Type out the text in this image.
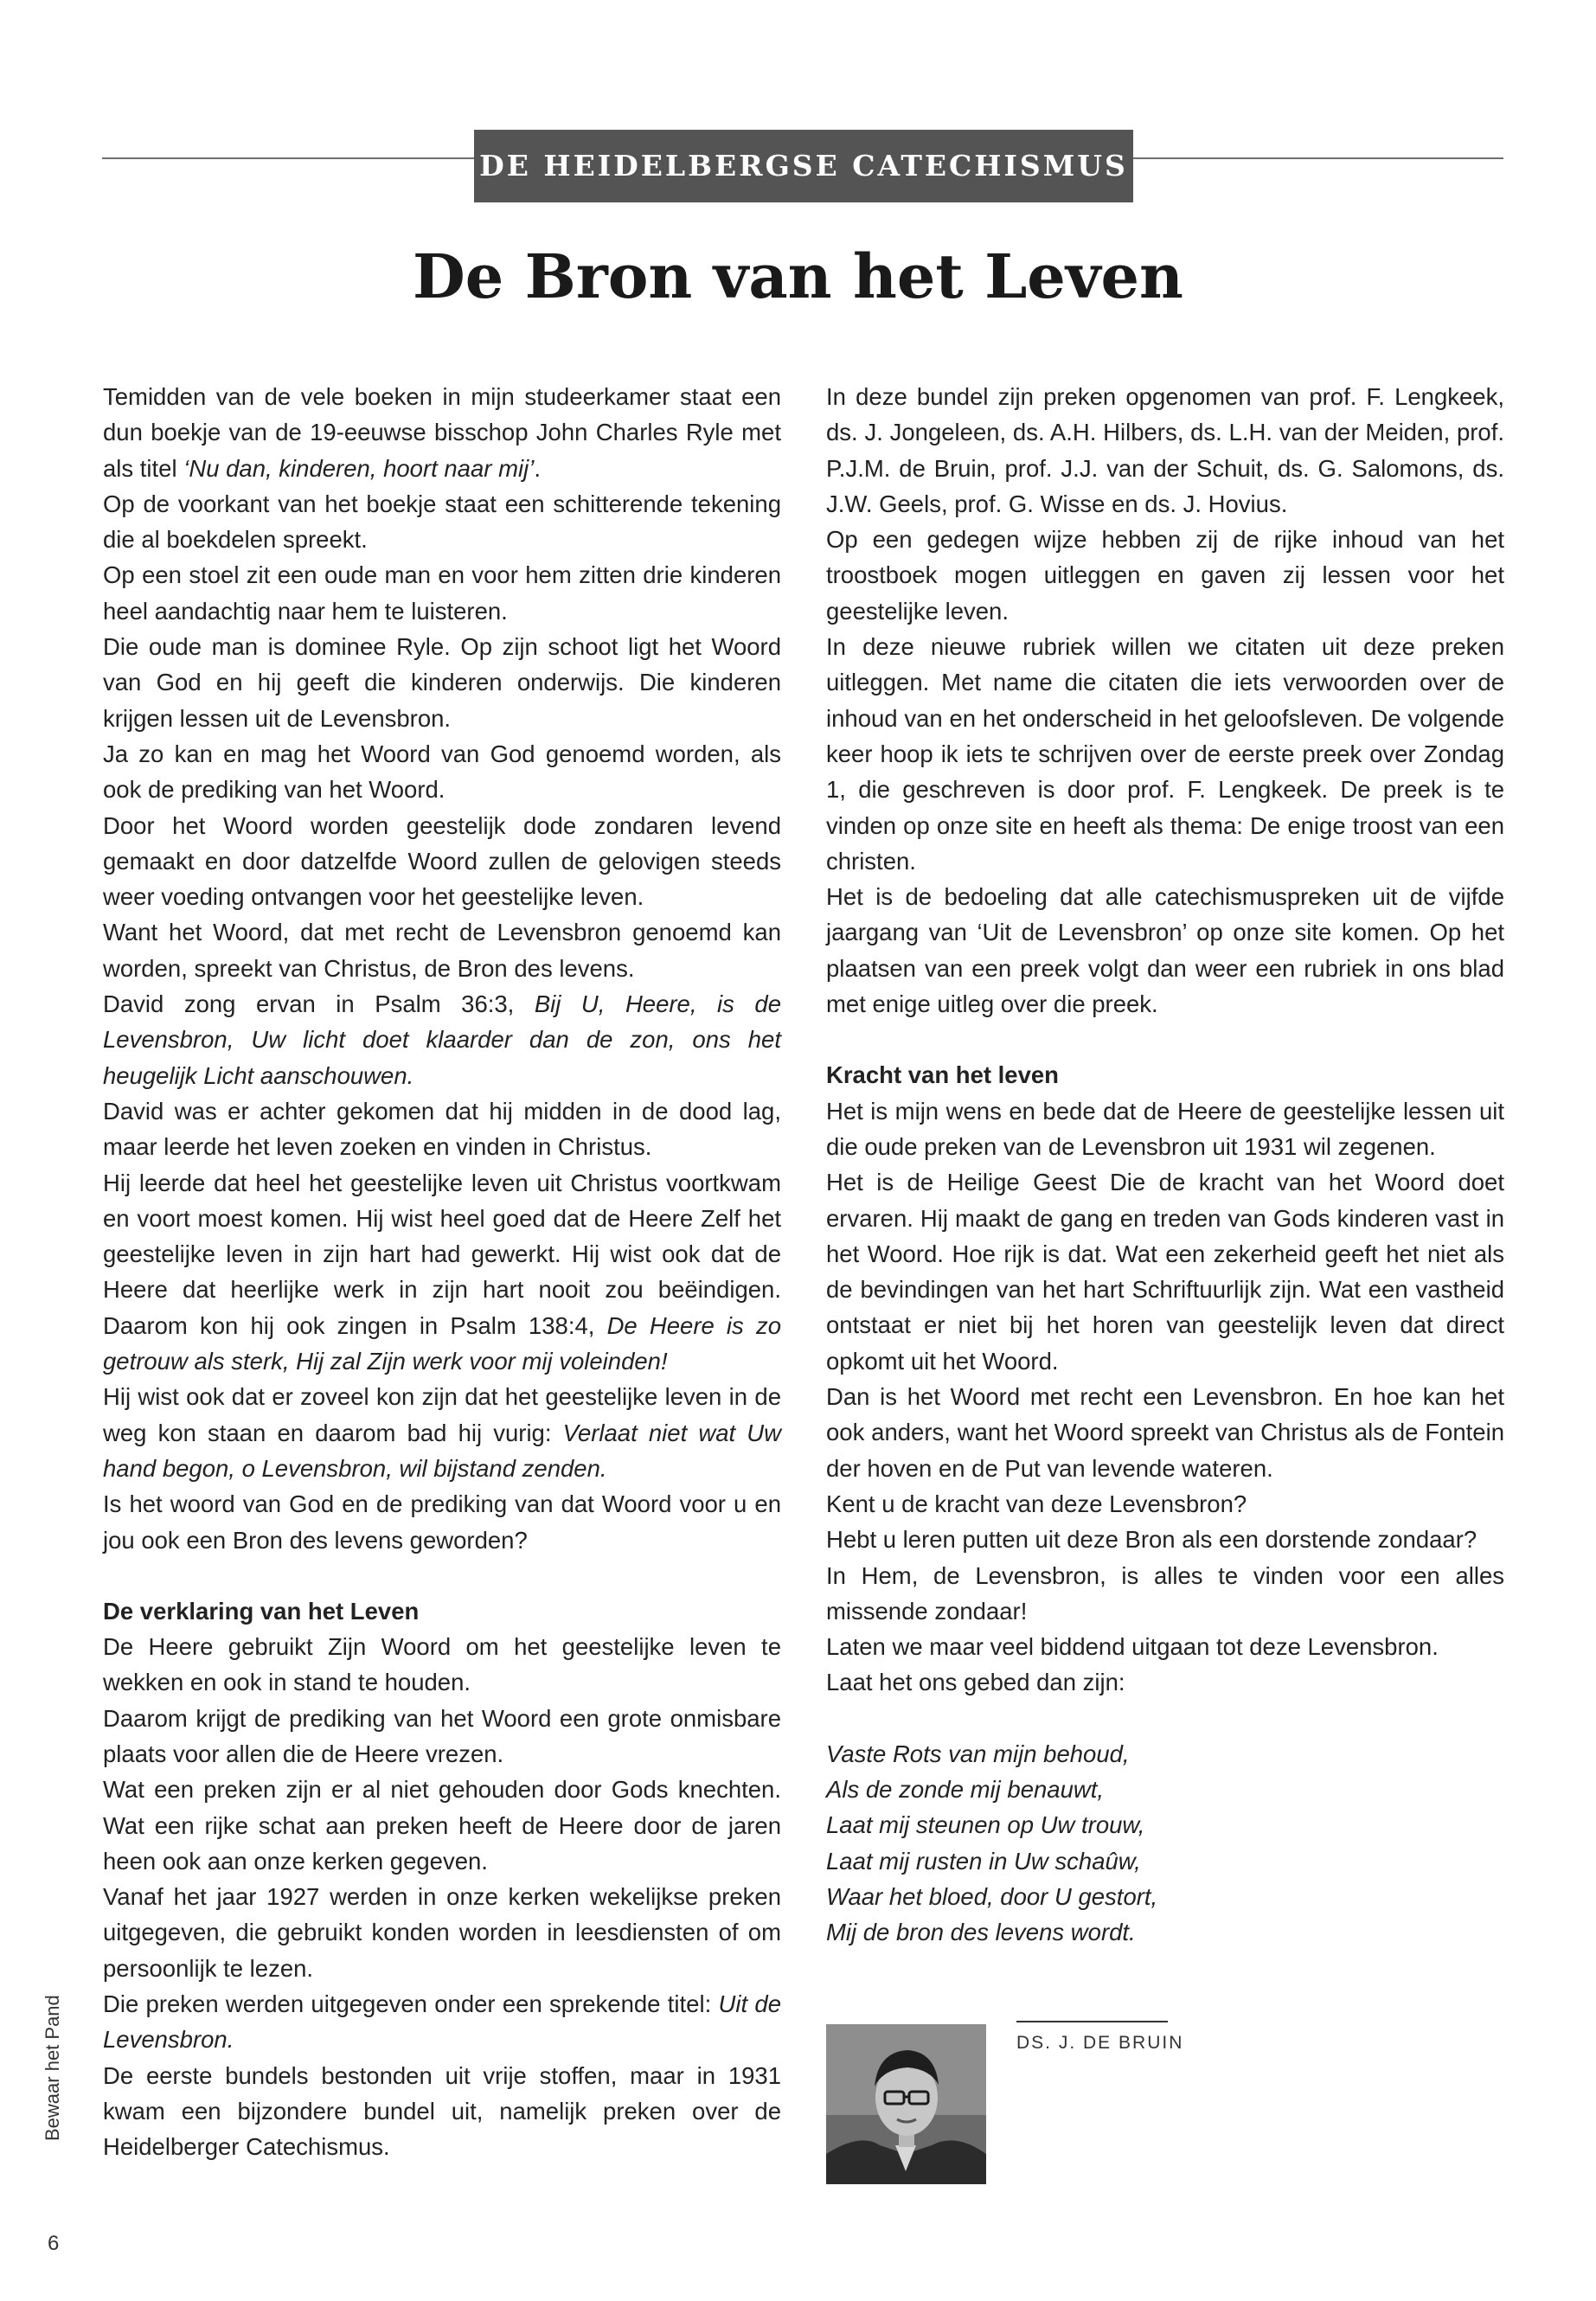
DE HEIDELBERGSE CATECHISMUS
De Bron van het Leven

Temidden van de vele boeken in mijn studeerkamer staat een dun boekje van de 19-eeuwse bisschop John Charles Ryle met als titel ‘Nu dan, kinderen, hoort naar mij’.

Op de voorkant van het boekje staat een schitterende tekening die al boekdelen spreekt.

Op een stoel zit een oude man en voor hem zitten drie kinderen heel aandachtig naar hem te luisteren.

Die oude man is dominee Ryle. Op zijn schoot ligt het Woord van God en hij geeft die kinderen onderwijs. Die kinderen krijgen lessen uit de Levensbron.

Ja zo kan en mag het Woord van God genoemd worden, als ook de prediking van het Woord.

Door het Woord worden geestelijk dode zondaren levend gemaakt en door datzelfde Woord zullen de gelovigen steeds weer voeding ontvangen voor het geestelijke leven.

Want het Woord, dat met recht de Levensbron genoemd kan worden, spreekt van Christus, de Bron des levens.

David zong ervan in Psalm 36:3, Bij U, Heere, is de Levensbron, Uw licht doet klaarder dan de zon, ons het heugelijk Licht aanschouwen.

David was er achter gekomen dat hij midden in de dood lag, maar leerde het leven zoeken en vinden in Christus.

Hij leerde dat heel het geestelijke leven uit Christus voortkwam en voort moest komen. Hij wist heel goed dat de Heere Zelf het geestelijke leven in zijn hart had gewerkt. Hij wist ook dat de Heere dat heerlijke werk in zijn hart nooit zou beëindigen. Daarom kon hij ook zingen in Psalm 138:4, De Heere is zo getrouw als sterk, Hij zal Zijn werk voor mij voleinden!

Hij wist ook dat er zoveel kon zijn dat het geestelijke leven in de weg kon staan en daarom bad hij vurig: Verlaat niet wat Uw hand begon, o Levensbron, wil bijstand zenden.

Is het woord van God en de prediking van dat Woord voor u en jou ook een Bron des levens geworden?

De verklaring van het Leven

De Heere gebruikt Zijn Woord om het geestelijke leven te wekken en ook in stand te houden.

Daarom krijgt de prediking van het Woord een grote onmisbare plaats voor allen die de Heere vrezen.

Wat een preken zijn er al niet gehouden door Gods knechten. Wat een rijke schat aan preken heeft de Heere door de jaren heen ook aan onze kerken gegeven.

Vanaf het jaar 1927 werden in onze kerken wekelijkse preken uitgegeven, die gebruikt konden worden in leesdiensten of om persoonlijk te lezen.

Die preken werden uitgegeven onder een sprekende titel: Uit de Levensbron.

De eerste bundels bestonden uit vrije stoffen, maar in 1931 kwam een bijzondere bundel uit, namelijk preken over de Heidelberger Catechismus.

In deze bundel zijn preken opgenomen van prof. F. Lengkeek, ds. J. Jongeleen, ds. A.H. Hilbers, ds. L.H. van der Meiden, prof. P.J.M. de Bruin, prof. J.J. van der Schuit, ds. G. Salomons, ds. J.W. Geels, prof. G. Wisse en ds. J. Hovius.

Op een gedegen wijze hebben zij de rijke inhoud van het troostboek mogen uitleggen en gaven zij lessen voor het geestelijke leven.

In deze nieuwe rubriek willen we citaten uit deze preken uitleggen. Met name die citaten die iets verwoorden over de inhoud van en het onderscheid in het geloofsleven. De volgende keer hoop ik iets te schrijven over de eerste preek over Zondag 1, die geschreven is door prof. F. Lengkeek. De preek is te vinden op onze site en heeft als thema: De enige troost van een christen.

Het is de bedoeling dat alle catechismuspreken uit de vijfde jaargang van ‘Uit de Levensbron’ op onze site komen. Op het plaatsen van een preek volgt dan weer een rubriek in ons blad met enige uitleg over die preek.

Kracht van het leven

Het is mijn wens en bede dat de Heere de geestelijke lessen uit die oude preken van de Levensbron uit 1931 wil zegenen.

Het is de Heilige Geest Die de kracht van het Woord doet ervaren. Hij maakt de gang en treden van Gods kinderen vast in het Woord. Hoe rijk is dat. Wat een zekerheid geeft het niet als de bevindingen van het hart Schriftuurlijk zijn. Wat een vastheid ontstaat er niet bij het horen van geestelijk leven dat direct opkomt uit het Woord.

Dan is het Woord met recht een Levensbron. En hoe kan het ook anders, want het Woord spreekt van Christus als de Fontein der hoven en de Put van levende wateren.

Kent u de kracht van deze Levensbron?

Hebt u leren putten uit deze Bron als een dorstende zondaar?

In Hem, de Levensbron, is alles te vinden voor een alles missende zondaar!

Laten we maar veel biddend uitgaan tot deze Levensbron.

Laat het ons gebed dan zijn:

Vaste Rots van mijn behoud,

Als de zonde mij benauwt,

Laat mij steunen op Uw trouw,

Laat mij rusten in Uw schaûw,

Waar het bloed, door U gestort,

Mij de bron des levens wordt.

DS. J. DE BRUIN
Bewaar het Pand
6
